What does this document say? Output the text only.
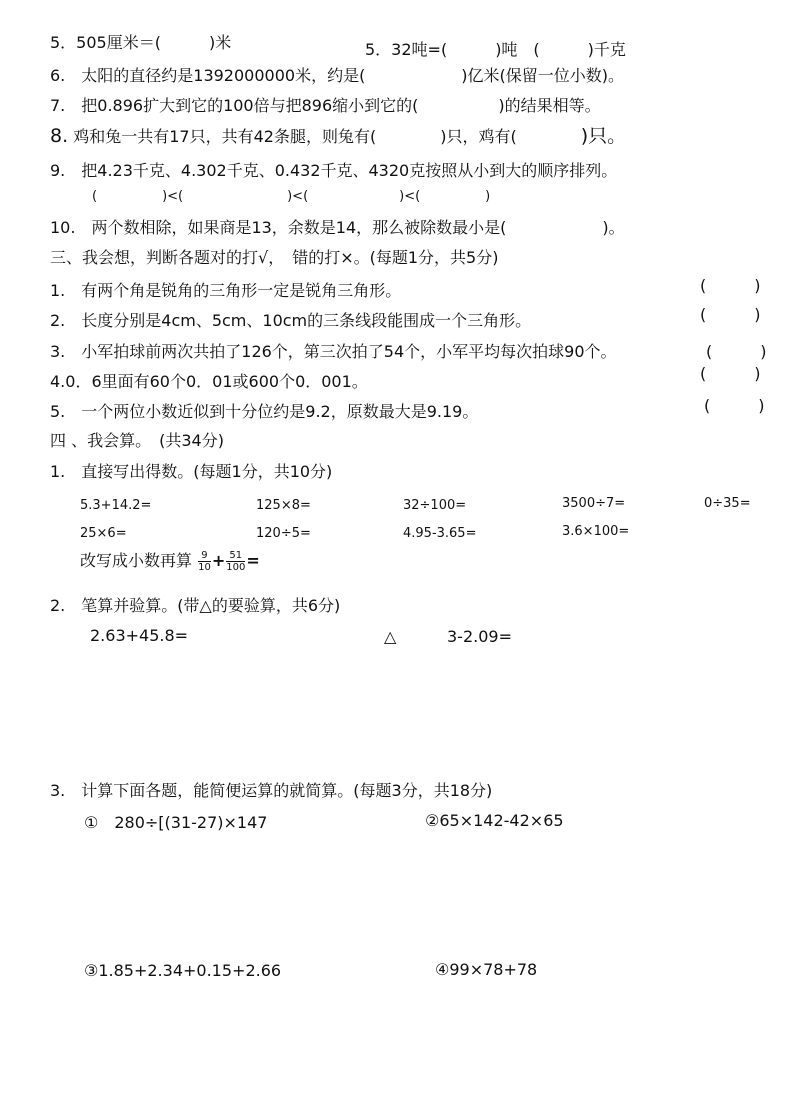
5．505厘米＝(　　　)米	5．32吨=(　　　)吨　(　　　)千克
6.　太阳的直径约是1392000000米，约是(　　　　　　)亿米(保留一位小数)。
7.　把0.896扩大到它的100倍与把896缩小到它的(　　　　　)的结果相等。
8. 鸡和兔一共有17只，共有42条腿，则兔有(　　　　)只，鸡有(　　　　)只。
9.　把4.23千克、4.302千克、0.432千克、4320克按照从小到大的顺序排列。
(　　　　　)<(　　　　　　　　)<(　　　　　　　)<(　　　　　)
10.　两个数相除，如果商是13，余数是14，那么被除数最小是(　　　　　　)。
三、我会想，判断各题对的打√，　错的打×。(每题1分，共5分)
1.　有两个角是锐角的三角形一定是锐角三角形。	(　　　)
2.　长度分别是4cm、5cm、10cm的三条线段能围成一个三角形。	(　　　)
3.　小军拍球前两次共拍了126个，第三次拍了54个，小军平均每次拍球90个。	(　　　)
4.0．6里面有60个0．01或600个0．001。	(　　　)
5.　一个两位小数近似到十分位约是9.2，原数最大是9.19。	(　　　)
四 、我会算。　(共34分)
1.　直接写出得数。(每题1分，共10分)
5.3+14.2=	125×8=	32÷100=	3500÷7=	0÷35=
25×6=	120÷5=	4.95-3.65=	3.6×100=
改写成小数再算 $\frac{9}{10} + \frac{51}{100}$ =
2.　笔算并验算。(带△的要验算，共6分)
2.63+45.8=	△	3-2.09=
3.　计算下面各题，能简便运算的就简算。(每题3分，共18分)
①　280÷[(31-27)×147	②65×142-42×65
③1.85+2.34+0.15+2.66	④99×78+78
